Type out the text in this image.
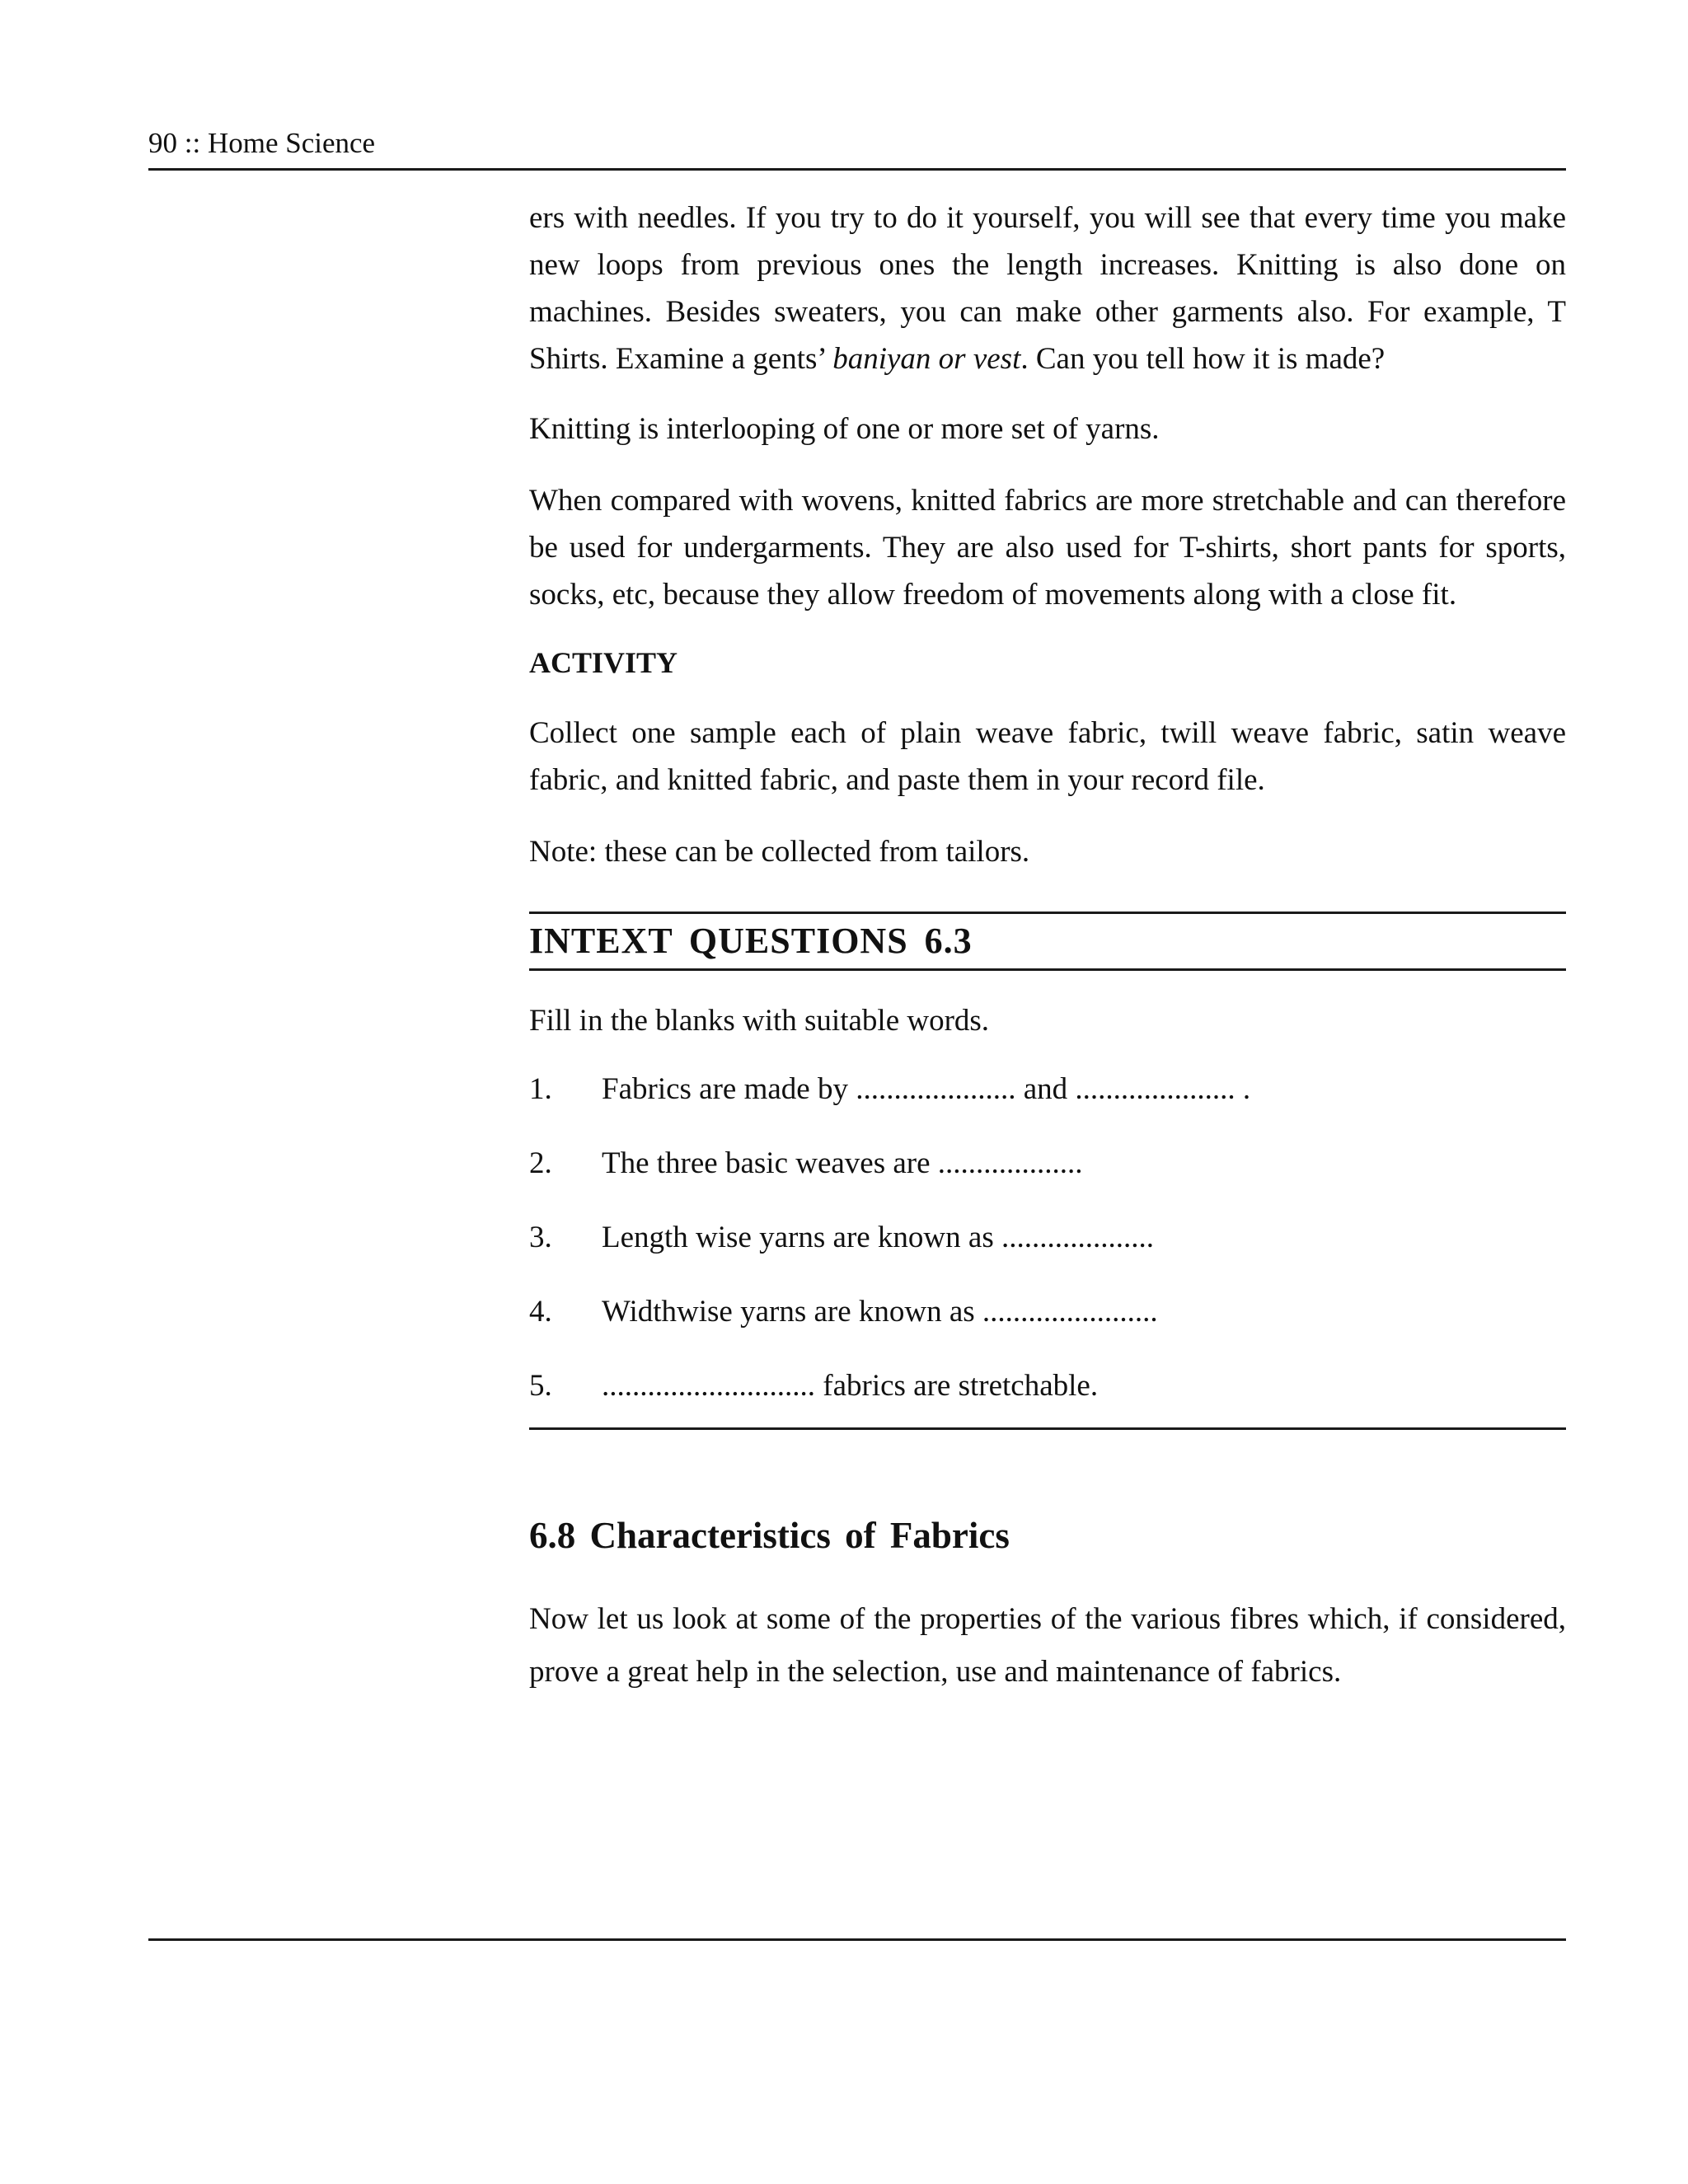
90 :: Home Science

ers with needles. If you try to do it yourself, you will see that every time you make new loops from previous ones the length increases. Knitting is also done on machines. Besides sweaters, you can make other garments also. For example, T Shirts. Examine a gents’ baniyan or vest. Can you tell how it is made?

Knitting is interlooping of one or more set of yarns.

When compared with wovens, knitted fabrics are more stretchable and can therefore be used for undergarments. They are also used for T-shirts, short pants for sports, socks, etc, because they allow freedom of movements along with a close fit.

ACTIVITY

Collect one sample each of plain weave fabric, twill weave fabric, satin weave fabric, and knitted fabric, and paste them in your record file.

Note: these can be collected from tailors.

INTEXT QUESTIONS 6.3
Fill in the blanks with suitable words.
1.	Fabrics are made by ..................... and ..................... .
2.	The three basic weaves are ...................
3.	Length wise yarns are known as ....................
4.	Widthwise yarns are known as .......................
5.	............................ fabrics are stretchable.
6.8 Characteristics of Fabrics

Now let us look at some of the properties of the various fibres which, if considered, prove a great help in the selection, use and maintenance of fabrics.
